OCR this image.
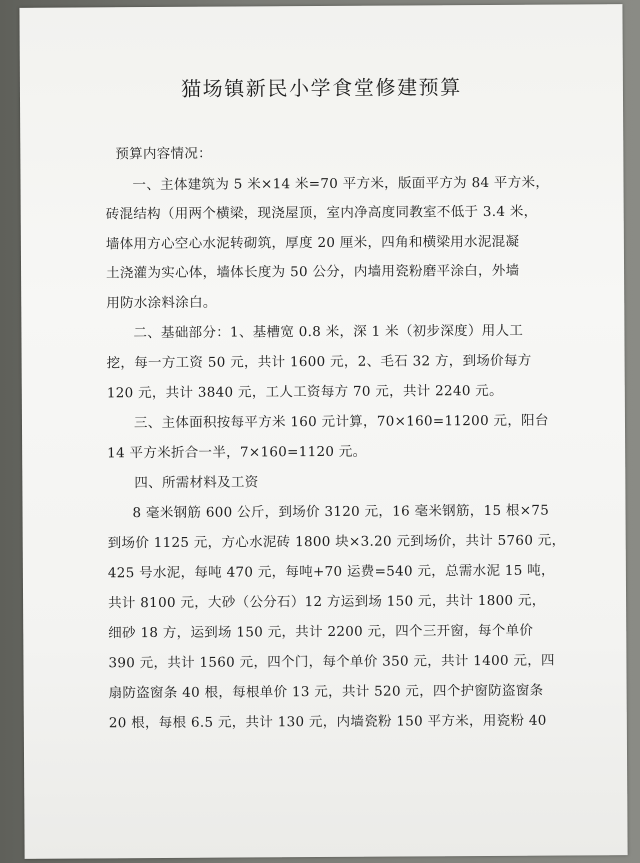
猫场镇新民小学食堂修建预算
预算内容情况：
一、主体建筑为 5 米×14 米=70 平方米，版面平方为 84 平方米，
砖混结构（用两个横梁，现浇屋顶，室内净高度同教室不低于 3.4 米，
墙体用方心空心水泥转砌筑，厚度 20 厘米，四角和横梁用水泥混凝
土浇灌为实心体，墙体长度为 50 公分，内墙用瓷粉磨平涂白，外墙
用防水涂料涂白。
二、基础部分：1、基槽宽 0.8 米，深 1 米（初步深度）用人工
挖，每一方工资 50 元，共计 1600 元，2、毛石 32 方，到场价每方
120 元，共计 3840 元，工人工资每方 70 元，共计 2240 元。
三、主体面积按每平方米 160 元计算，70×160=11200 元，阳台
14 平方米折合一半，7×160=1120 元。
四、所需材料及工资
8 毫米钢筋 600 公斤，到场价 3120 元，16 毫米钢筋，15 根×75
到场价 1125 元，方心水泥砖 1800 块×3.20 元到场价，共计 5760 元，
425 号水泥，每吨 470 元，每吨+70 运费=540 元，总需水泥 15 吨，
共计 8100 元，大砂（公分石）12 方运到场 150 元，共计 1800 元，
细砂 18 方，运到场 150 元，共计 2200 元，四个三开窗，每个单价
390 元，共计 1560 元，四个门，每个单价 350 元，共计 1400 元，四
扇防盗窗条 40 根，每根单价 13 元，共计 520 元，四个护窗防盗窗条
20 根，每根 6.5 元，共计 130 元，内墙瓷粉 150 平方米，用瓷粉 40
